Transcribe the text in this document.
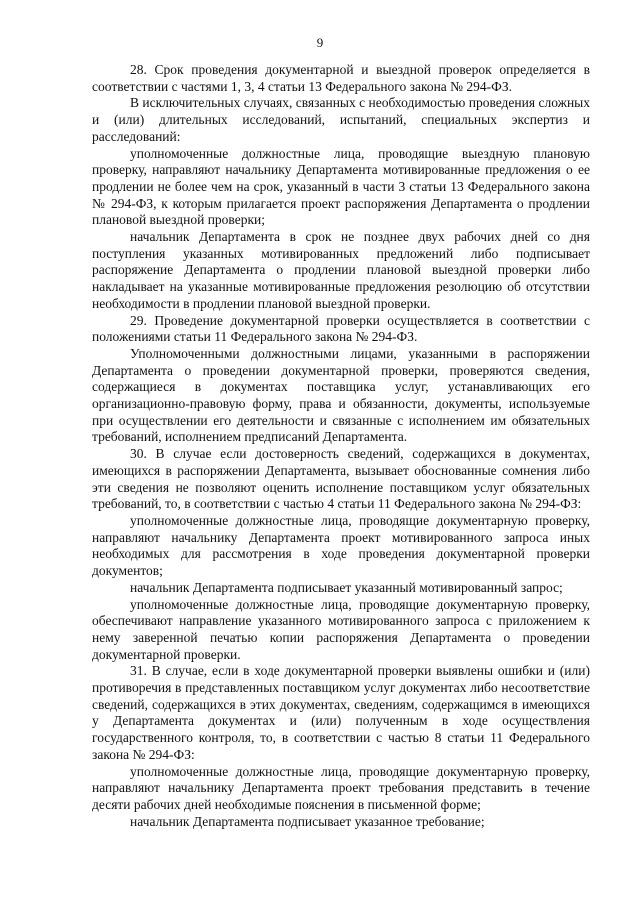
9

28. Срок проведения документарной и выездной проверок определяется в соответствии с частями 1, 3, 4 статьи 13 Федерального закона № 294-ФЗ.

В исключительных случаях, связанных с необходимостью проведения сложных и (или) длительных исследований, испытаний, специальных экспертиз и расследований:

уполномоченные должностные лица, проводящие выездную плановую проверку, направляют начальнику Департамента мотивированные предложения о ее продлении не более чем на срок, указанный в части 3 статьи 13 Федерального закона № 294-ФЗ, к которым прилагается проект распоряжения Департамента о продлении плановой выездной проверки;

начальник Департамента в срок не позднее двух рабочих дней со дня поступления указанных мотивированных предложений либо подписывает распоряжение Департамента о продлении плановой выездной проверки либо накладывает на указанные мотивированные предложения резолюцию об отсутствии необходимости в продлении плановой выездной проверки.

29. Проведение документарной проверки осуществляется в соответствии с положениями статьи 11 Федерального закона № 294-ФЗ.

Уполномоченными должностными лицами, указанными в распоряжении Департамента о проведении документарной проверки, проверяются сведения, содержащиеся в документах поставщика услуг, устанавливающих его организационно-правовую форму, права и обязанности, документы, используемые при осуществлении его деятельности и связанные с исполнением им обязательных требований, исполнением предписаний Департамента.

30. В случае если достоверность сведений, содержащихся в документах, имеющихся в распоряжении Департамента, вызывает обоснованные сомнения либо эти сведения не позволяют оценить исполнение поставщиком услуг обязательных требований, то, в соответствии с частью 4 статьи 11 Федерального закона № 294-ФЗ:

уполномоченные должностные лица, проводящие документарную проверку, направляют начальнику Департамента проект мотивированного запроса иных необходимых для рассмотрения в ходе проведения документарной проверки документов;

начальник Департамента подписывает указанный мотивированный запрос;

уполномоченные должностные лица, проводящие документарную проверку, обеспечивают направление указанного мотивированного запроса с приложением к нему заверенной печатью копии распоряжения Департамента о проведении документарной проверки.

31. В случае, если в ходе документарной проверки выявлены ошибки и (или) противоречия в представленных поставщиком услуг документах либо несоответствие сведений, содержащихся в этих документах, сведениям, содержащимся в имеющихся у Департамента документах и (или) полученным в ходе осуществления государственного контроля, то, в соответствии с частью 8 статьи 11 Федерального закона № 294-ФЗ:

уполномоченные должностные лица, проводящие документарную проверку, направляют начальнику Департамента проект требования представить в течение десяти рабочих дней необходимые пояснения в письменной форме;

начальник Департамента подписывает указанное требование;
